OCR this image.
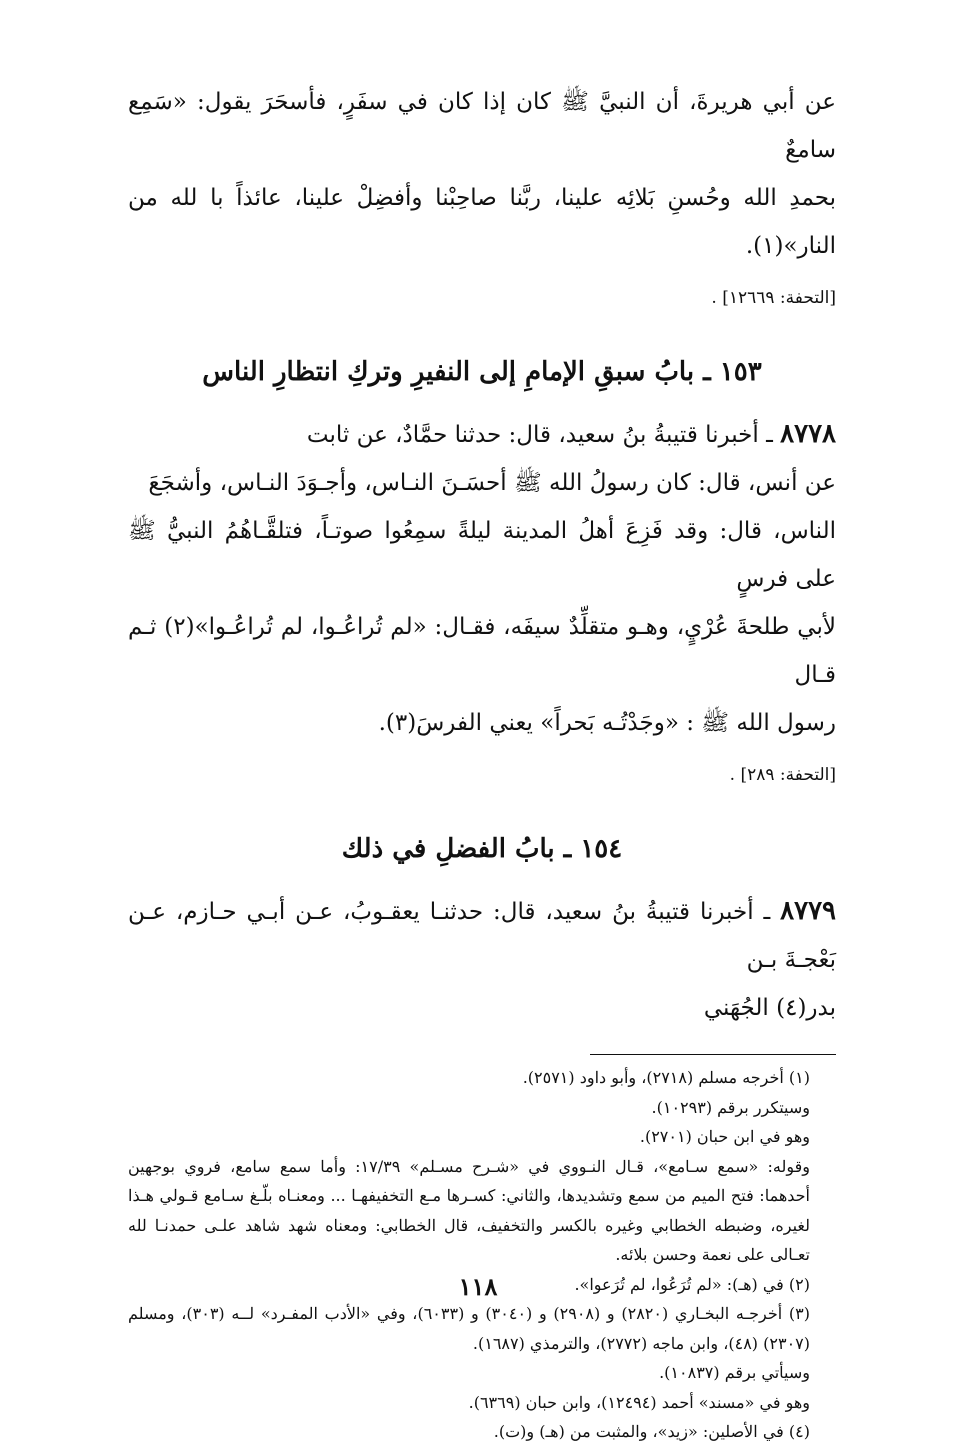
عن أبي هريرةَ، أن النبيَّ ﷺ كان إذا كان في سفَرٍ، فأسحَرَ يقول: «سَمِع سامعٌ

بحمدِ الله وحُسنِ بَلائِه علينا، ربَّنا صاحِبْنا وأفضِلْ علينا، عائذاً با لله من النار»(١).

[التحفة: ١٢٦٦٩] .

١٥٣ ـ بابُ سبقِ الإمامِ إلى النفيرِ وتركِ انتظارِ الناس

٨٧٧٨ ـ أخبرنا قتيبةُ بنُ سعيد، قال: حدثنا حمَّادٌ، عن ثابت

عن أنس، قال: كان رسولُ الله ﷺ أحسَـنَ النـاس، وأجـوَدَ النـاس، وأشجَعَ

الناس، قال: وقد فَزِعَ أهلُ المدينة ليلةً سمِعُوا صوتـاً، فتلقَّـاهُمُ النبيُّ ﷺ على فرسٍ

لأبي طلحةَ عُرْيٍ، وهـو متقلِّدٌ سيفَه، فقـال: «لم تُراعُـوا، لم تُراعُـوا»(٢) ثـم قـال

رسول الله ﷺ : «وجَدْتُـه بَحراً» يعني الفرسَ(٣).

[التحفة: ٢٨٩] .

١٥٤ ـ بابُ الفضلِ في ذلك

٨٧٧٩ ـ أخبرنا قتيبةُ بنُ سعيد، قال: حدثنـا يعقـوبُ، عـن أبـي حـازم، عـن بَعْجـةَ بـن

بدر(٤) الجُهَني

(١) أخرجه مسلم (٢٧١٨)، وأبو داود (٢٥٧١).

وسيتكرر برقم (١٠٢٩٣).

وهو في ابن حبان (٢٧٠١).

وقوله: «سمع سـامع»، قـال النـووي في «شـرح مسـلم» ١٧/٣٩: وأما سمع سامع، فروي بوجهين أحدهما: فتح الميم من سمع وتشديدها، والثاني: كسـرها مـع التخفيفهـا ... ومعنـاه بلّـغ سـامع قـولي هـذا لغيره، وضبطه الخطابي وغيره بالكسر والتخفيف، قال الخطابي: ومعناه شهد شاهد علـى حمدنـا لله تعـالى على نعمة وحسن بلائه.

(٢) في (هـ): «لم تُرَعُوا، لم تُرَعوا».

(٣) أخرجـه البخـاري (٢٨٢٠) و (٢٩٠٨) و (٣٠٤٠) و (٦٠٣٣)، وفي «الأدب المفـرد» لــه (٣٠٣)، ومسلم (٢٣٠٧) (٤٨)، وابن ماجه (٢٧٧٢)، والترمذي (١٦٨٧).

وسيأتي برقم (١٠٨٣٧).

وهو في «مسند» أحمد (١٢٤٩٤)، وابن حبان (٦٣٦٩).

(٤) في الأصلين: «زيد»، والمثبت من (هـ) و(ت).

١١٨
